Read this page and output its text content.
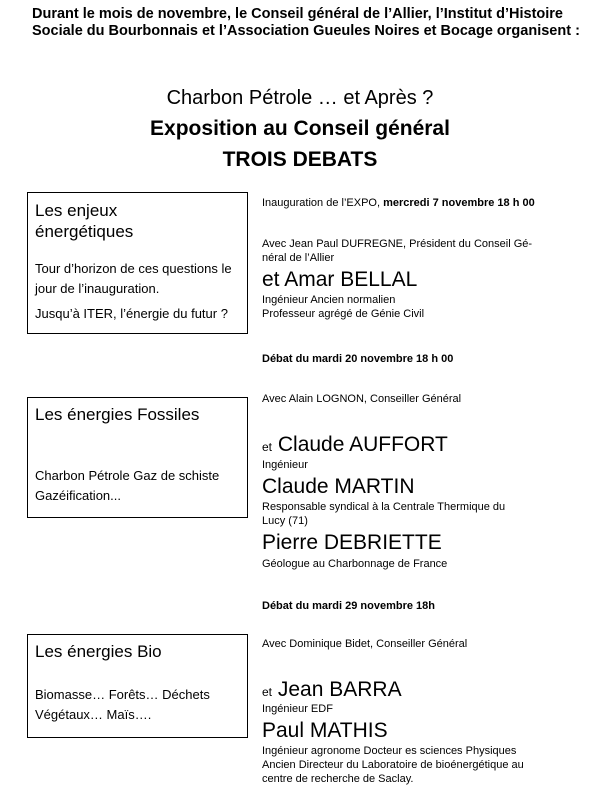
Durant le mois de novembre, le Conseil général de l’Allier, l’Institut d’Histoire Sociale du Bourbonnais et l’Association Gueules Noires et Bocage organisent :
Charbon Pétrole … et Après ?
Exposition au Conseil général
TROIS DEBATS
Les enjeux
énergétiques
Tour d’horizon de ces questions le
jour de l’inauguration.
Jusqu’à ITER, l’énergie du futur ?
Les énergies Fossiles
Charbon Pétrole Gaz de schiste
Gazéification...
Les énergies Bio
Biomasse… Forêts… Déchets
Végétaux… Maïs….
Inauguration de l’EXPO, mercredi 7 novembre 18 h 00
Avec Jean Paul DUFREGNE, Président du Conseil Gé-
néral de l’Allier
et Amar BELLAL
Ingénieur Ancien normalien
Professeur agrégé de Génie Civil
Débat du mardi 20 novembre 18 h 00
Avec Alain LOGNON, Conseiller Général
et Claude AUFFORT
Ingénieur
Claude MARTIN
Responsable syndical à la Centrale Thermique du
Lucy (71)
Pierre DEBRIETTE
Géologue au Charbonnage de France
Débat du mardi 29 novembre 18h
Avec Dominique Bidet, Conseiller Général
et Jean BARRA
Ingénieur EDF
Paul MATHIS
Ingénieur agronome Docteur es sciences Physiques
Ancien Directeur du Laboratoire de bioénergétique au
centre de recherche de Saclay.
